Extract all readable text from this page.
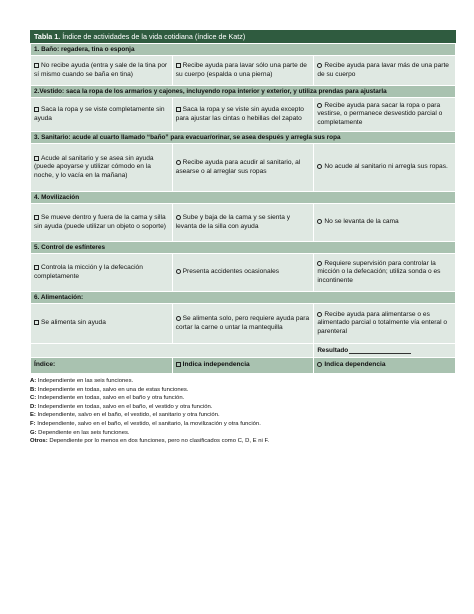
Tabla 1. Índice de actividades de la vida cotidiana (índice de Katz)
1. Baño: regadera, tina o esponja		
No recibe ayuda (entra y sale de la tina por sí mismo cuando se baña en tina)	Recibe ayuda para lavar sólo una parte de su cuerpo (espalda o una pierna)	Recibe ayuda para lavar más de una parte de su cuerpo
2.Vestido: saca la ropa de los armarios y cajones, incluyendo ropa interior y exterior, y utiliza prendas para ajustarla		
Saca la ropa y se viste completamente sin ayuda	Saca la ropa y se viste sin ayuda excepto para ajustar las cintas o hebillas del zapato	Recibe ayuda para sacar la ropa o para vestirse, o permanece desvestido parcial o completamente
3. Sanitario: acude al cuarto llamado “baño” para evacuar/orinar, se asea después y arregla sus ropa		
Acude al sanitario y se asea sin ayuda (puede apoyarse y utilizar cómodo en la noche, y lo vacía en la mañana)	Recibe ayuda para acudir al sanitario, al asearse o al arreglar sus ropas	No acude al sanitario ni arregla sus ropas.
4. Movilización		
Se mueve dentro y fuera de la cama y silla sin ayuda (puede utilizar un objeto o soporte)	Sube y baja de la cama y se sienta y levanta de la silla con ayuda	No se levanta de la cama
5. Control de esfínteres		
Controla la micción y la defecación completamente	Presenta accidentes ocasionales	Requiere supervisión para controlar la micción o la defecación; utiliza sonda o es incontinente
6. Alimentación:		
Se alimenta sin ayuda	Se alimenta solo, pero requiere ayuda para cortar la carne o untar la mantequilla	Recibe ayuda para alimentarse o es alimentado parcial o totalmente vía enteral o parenteral
		Resultado
Índice:	Indica independencia	Indica dependencia
A: Independiente en las seis funciones.
B: Independiente en todas, salvo en una de estas funciones.
C: Independiente en todas, salvo en el baño y otra función.
D: Independiente en todas, salvo en el baño, el vestido y otra función.
E: Independiente, salvo en el baño, el vestido, el sanitario y otra función.
F: Independiente, salvo en el baño, el vestido, el sanitario, la movilización y otra función.
G: Dependiente en las seis funciones.
Otros: Dependiente por lo menos en dos funciones, pero no clasificados como C, D, E ni F.
